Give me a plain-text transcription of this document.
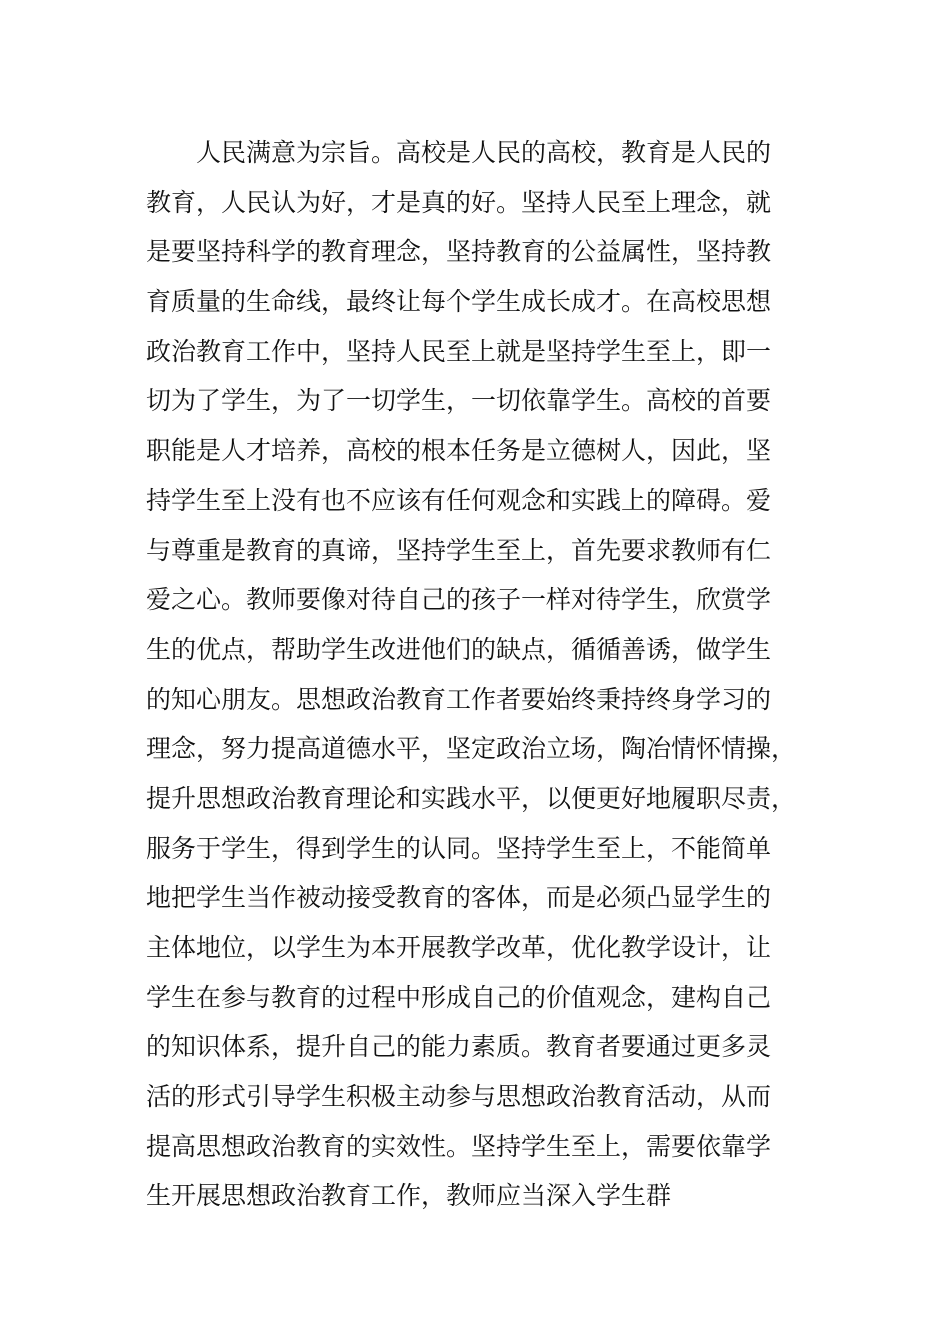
人民满意为宗旨。高校是人民的高校，教育是人民的
教育，人民认为好，才是真的好。坚持人民至上理念，就
是要坚持科学的教育理念，坚持教育的公益属性，坚持教
育质量的生命线，最终让每个学生成长成才。在高校思想
政治教育工作中，坚持人民至上就是坚持学生至上，即一
切为了学生，为了一切学生，一切依靠学生。高校的首要
职能是人才培养，高校的根本任务是立德树人，因此，坚
持学生至上没有也不应该有任何观念和实践上的障碍。爱
与尊重是教育的真谛，坚持学生至上，首先要求教师有仁
爱之心。教师要像对待自己的孩子一样对待学生，欣赏学
生的优点，帮助学生改进他们的缺点，循循善诱，做学生
的知心朋友。思想政治教育工作者要始终秉持终身学习的
理念，努力提高道德水平，坚定政治立场，陶冶情怀情操，
提升思想政治教育理论和实践水平，以便更好地履职尽责，
服务于学生，得到学生的认同。坚持学生至上，不能简单
地把学生当作被动接受教育的客体，而是必须凸显学生的
主体地位，以学生为本开展教学改革，优化教学设计，让
学生在参与教育的过程中形成自己的价值观念，建构自己
的知识体系，提升自己的能力素质。教育者要通过更多灵
活的形式引导学生积极主动参与思想政治教育活动，从而
提高思想政治教育的实效性。坚持学生至上，需要依靠学
生开展思想政治教育工作，教师应当深入学生群
